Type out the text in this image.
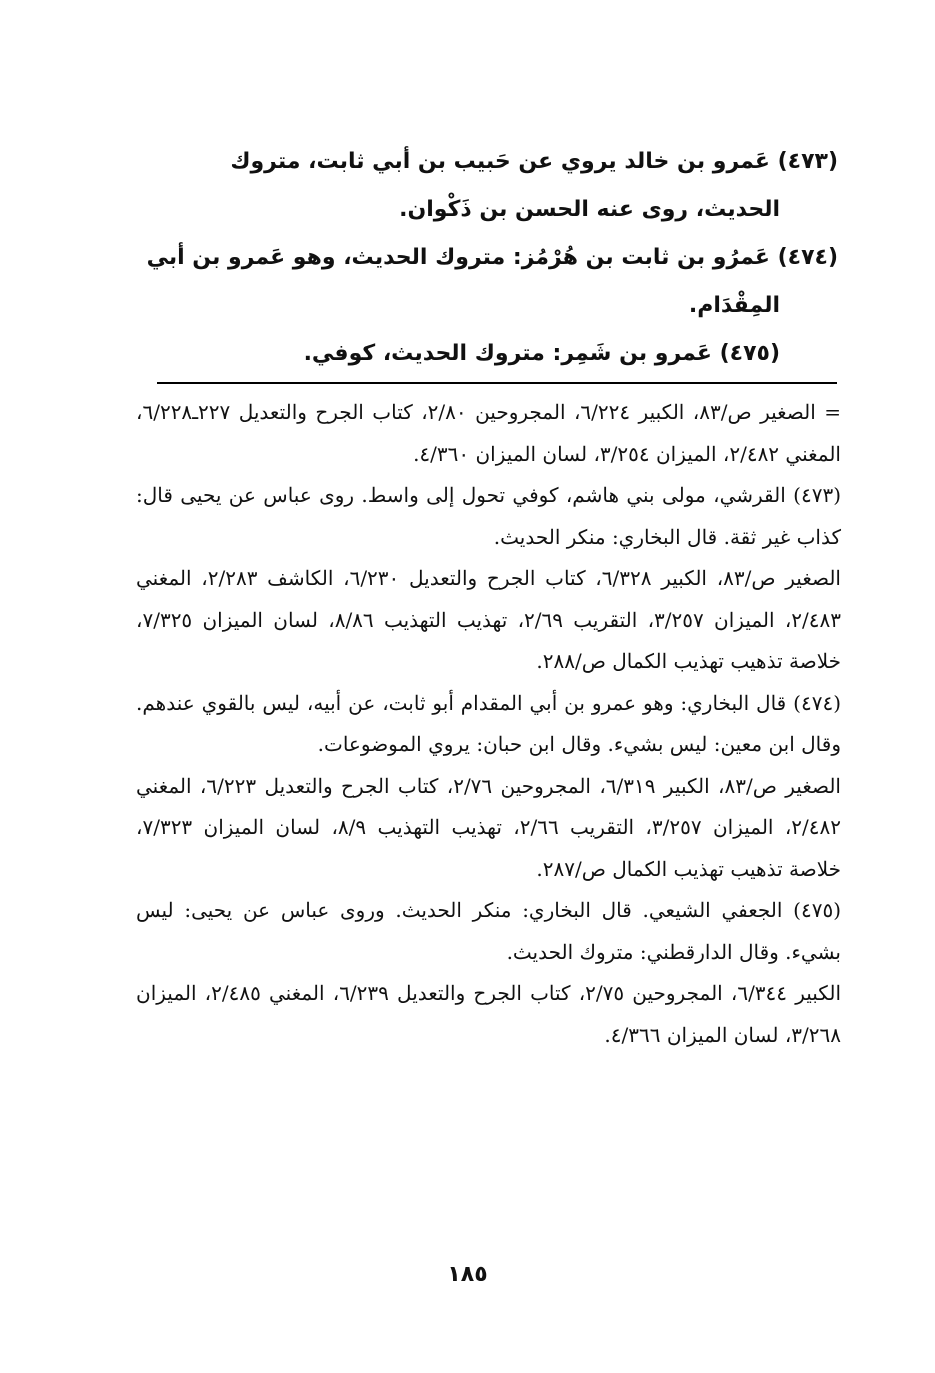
(٤٧٣) عَمرو بن خالد يروي عن حَبيب بن أبي ثابت، متروك
الحديث، روى عنه الحسن بن ذَكْوان.

(٤٧٤) عَمرُو بن ثابت بن هُرْمُز: متروك الحديث، وهو عَمرو بن أبي
المِقْدَام.

(٤٧٥) عَمرو بن شَمِر: متروك الحديث، كوفي.

= الصغير ص/٨٣، الكبير ٦/٢٢٤، المجروحين ٢/٨٠، كتاب الجرح والتعديل ٢٢٧ـ٦/٢٢٨، المغني ٢/٤٨٢، الميزان ٣/٢٥٤، لسان الميزان ٤/٣٦٠.

(٤٧٣) القرشي، مولى بني هاشم، كوفي تحول إلى واسط. روى عباس عن يحيى قال: كذاب غير ثقة. قال البخاري: منكر الحديث.

الصغير ص/٨٣، الكبير ٦/٣٢٨، كتاب الجرح والتعديل ٦/٢٣٠، الكاشف ٢/٢٨٣، المغني ٢/٤٨٣، الميزان ٣/٢٥٧، التقريب ٢/٦٩، تهذيب التهذيب ٨/٨٦، لسان الميزان ٧/٣٢٥، خلاصة تذهيب تهذيب الكمال ص/٢٨٨.

(٤٧٤) قال البخاري: وهو عمرو بن أبي المقدام أبو ثابت، عن أبيه، ليس بالقوي عندهم. وقال ابن معين: ليس بشيء. وقال ابن حبان: يروي الموضوعات.

الصغير ص/٨٣، الكبير ٦/٣١٩، المجروحين ٢/٧٦، كتاب الجرح والتعديل ٦/٢٢٣، المغني ٢/٤٨٢، الميزان ٣/٢٥٧، التقريب ٢/٦٦، تهذيب التهذيب ٨/٩، لسان الميزان ٧/٣٢٣، خلاصة تذهيب تهذيب الكمال ص/٢٨٧.

(٤٧٥) الجعفي الشيعي. قال البخاري: منكر الحديث. وروى عباس عن يحيى: ليس بشيء. وقال الدارقطني: متروك الحديث.

الكبير ٦/٣٤٤، المجروحين ٢/٧٥، كتاب الجرح والتعديل ٦/٢٣٩، المغني ٢/٤٨٥، الميزان ٣/٢٦٨، لسان الميزان ٤/٣٦٦.

١٨٥
